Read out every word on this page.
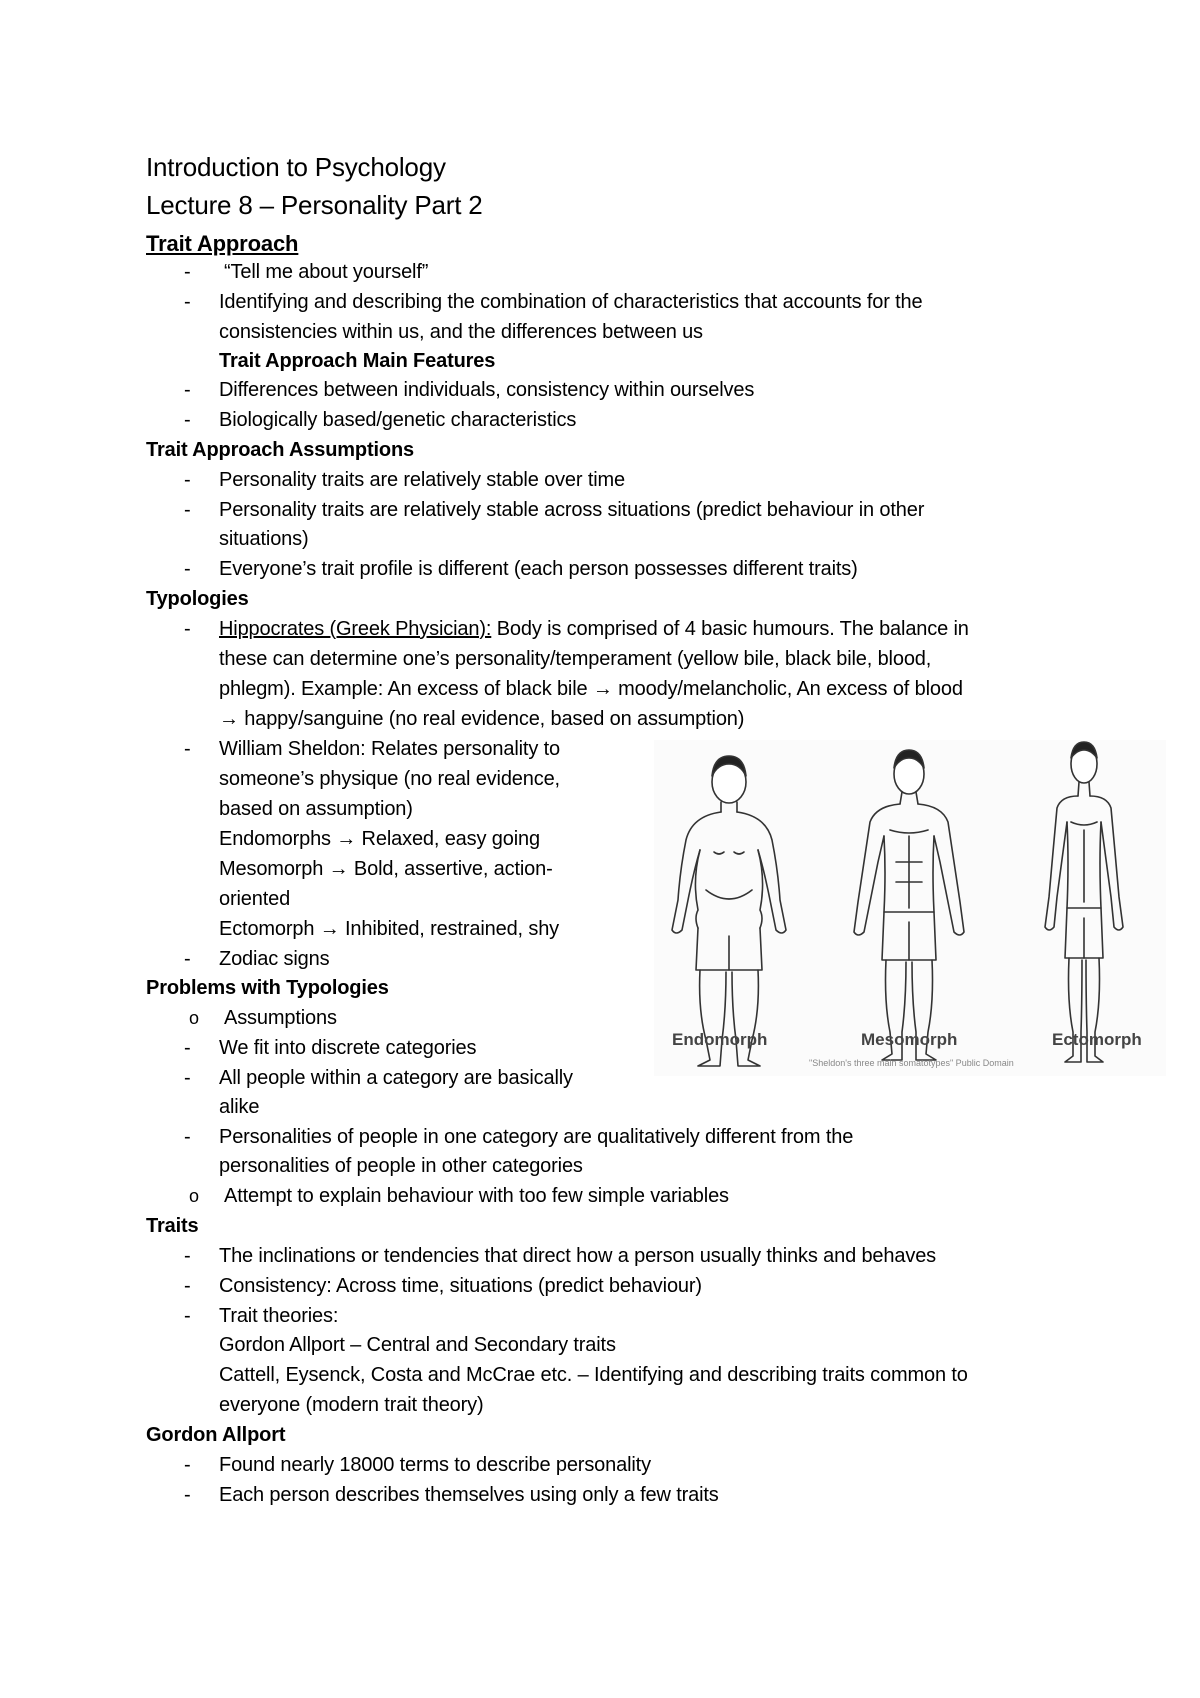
Introduction to Psychology
Lecture 8 – Personality Part 2
Trait Approach
- “Tell me about yourself”
- Identifying and describing the combination of characteristics that accounts for the
consistencies within us, and the differences between us
Trait Approach Main Features
- Differences between individuals, consistency within ourselves
- Biologically based/genetic characteristics
Trait Approach Assumptions
- Personality traits are relatively stable over time
- Personality traits are relatively stable across situations (predict behaviour in other
situations)
- Everyone’s trait profile is different (each person possesses different traits)
Typologies
- Hippocrates (Greek Physician): Body is comprised of 4 basic humours. The balance in
these can determine one’s personality/temperament (yellow bile, black bile, blood,
phlegm). Example: An excess of black bile → moody/melancholic, An excess of blood
→ happy/sanguine (no real evidence, based on assumption)
- William Sheldon: Relates personality to
someone’s physique (no real evidence,
based on assumption)
Endomorphs → Relaxed, easy going
Mesomorph → Bold, assertive, action-
oriented
Ectomorph → Inhibited, restrained, shy
- Zodiac signs
Problems with Typologies
o Assumptions
- We fit into discrete categories
- All people within a category are basically
alike
- Personalities of people in one category are qualitatively different from the
personalities of people in other categories
o Attempt to explain behaviour with too few simple variables
Traits
- The inclinations or tendencies that direct how a person usually thinks and behaves
- Consistency: Across time, situations (predict behaviour)
- Trait theories:
Gordon Allport – Central and Secondary traits
Cattell, Eysenck, Costa and McCrae etc. – Identifying and describing traits common to
everyone (modern trait theory)
Gordon Allport
- Found nearly 18000 terms to describe personality
- Each person describes themselves using only a few traits
Endomorph	Mesomorph	Ectomorph
"Sheldon's three main somatotypes" Public Domain
